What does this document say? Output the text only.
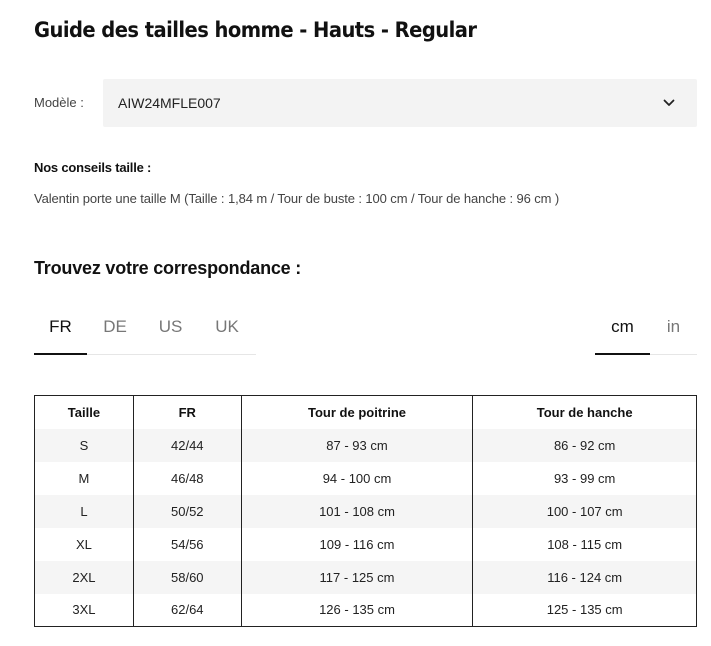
Guide des tailles homme - Hauts - Regular
Modèle : AIW24MFLE007
Nos conseils taille :
Valentin porte une taille M (Taille : 1,84 m / Tour de buste : 100 cm / Tour de hanche : 96 cm )
Trouvez votre correspondance :
FR	DE	US	UK	cm	in
Taille	FR	Tour de poitrine	Tour de hanche
S	42/44	87 - 93 cm	86 - 92 cm
M	46/48	94 - 100 cm	93 - 99 cm
L	50/52	101 - 108 cm	100 - 107 cm
XL	54/56	109 - 116 cm	108 - 115 cm
2XL	58/60	117 - 125 cm	116 - 124 cm
3XL	62/64	126 - 135 cm	125 - 135 cm
